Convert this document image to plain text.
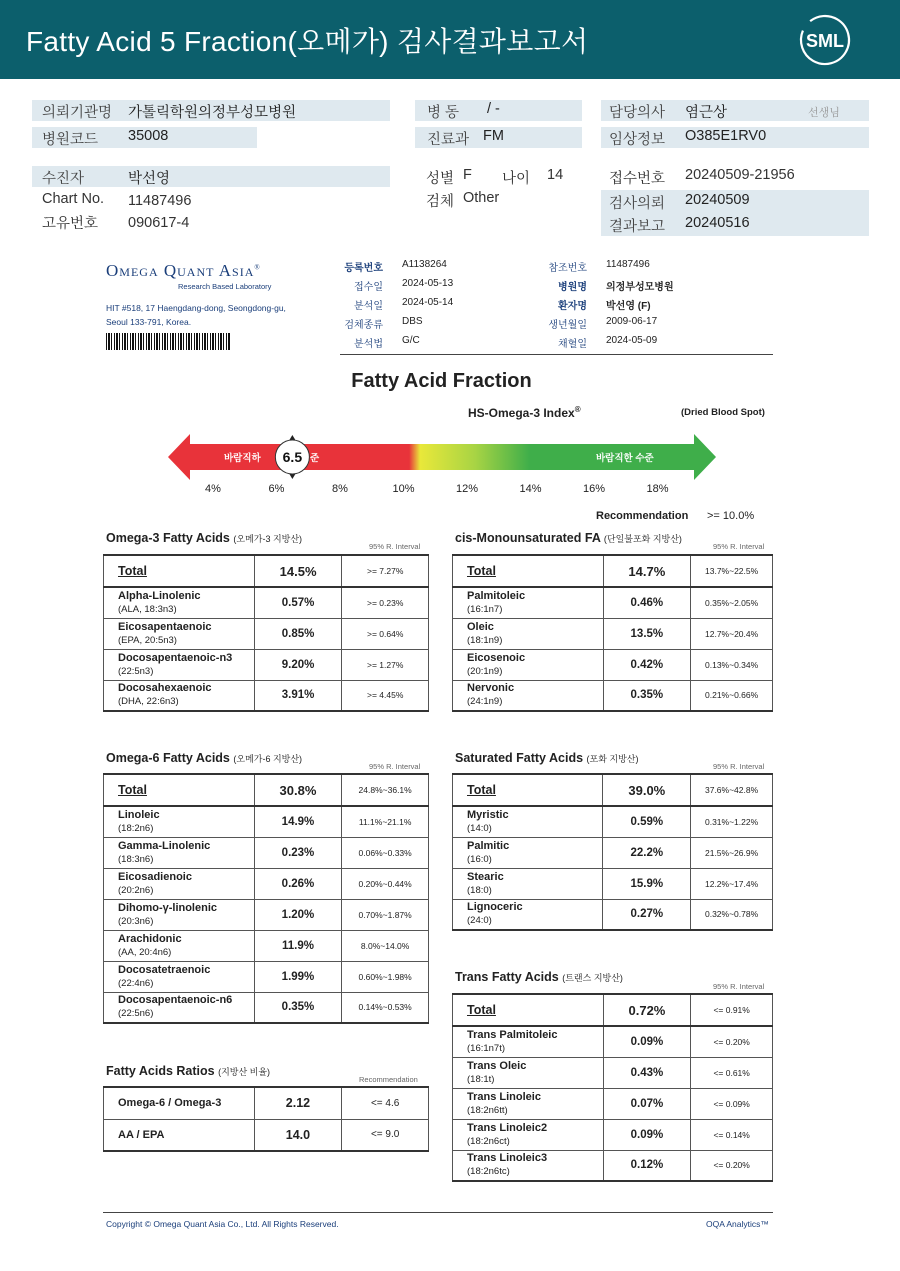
Fatty Acid 5 Fraction(오메가) 검사결과보고서	SML
의뢰기관명 가톨릭학원의정부성모병원
병원코드 35008
병 동 / -
진료과 FM
담당의사 염근상	선생님
임상정보 O385E1RV0
수진자	박선영
Chart No. 11487496
고유번호 090617-4
성별 F 나이 14
검체 Other
접수번호 20240509-21956
검사의뢰 20240509
결과보고 20240516
Omega Quant Asia®
Research Based Laboratory
HIT #518, 17 Haengdang-dong, Seongdong-gu,
Seoul 133-791, Korea.
등록번호 A1138264
접수일 2024-05-13
분석일 2024-05-14
검체종류 DBS
분석법 G/C
참조번호 11487496
병원명 의정부성모병원
환자명 박선영 (F)
생년월일 2009-06-17
채혈일 2024-05-09
Fatty Acid Fraction
HS-Omega-3 Index®	(Dried Blood Spot)
바람직하	준	바람직한 수준
6.5
4%	6%	8%	10%	12%	14%	16%	18%
Recommendation >= 10.0%
Omega-3 Fatty Acids (오메가-3 지방산)
95% R. Interval
Total	14.5%	>= 7.27%
Alpha-Linolenic
(ALA, 18:3n3)	0.57%	>= 0.23%
Eicosapentaenoic
(EPA, 20:5n3)	0.85%	>= 0.64%
Docosapentaenoic-n3
(22:5n3)	9.20%	>= 1.27%
Docosahexaenoic
(DHA, 22:6n3)	3.91%	>= 4.45%
cis-Monounsaturated FA (단일불포화 지방산)
95% R. Interval
Total	14.7%	13.7%~22.5%
Palmitoleic
(16:1n7)	0.46%	0.35%~2.05%
Oleic
(18:1n9)	13.5%	12.7%~20.4%
Eicosenoic
(20:1n9)	0.42%	0.13%~0.34%
Nervonic
(24:1n9)	0.35%	0.21%~0.66%
Omega-6 Fatty Acids (오메가-6 지방산)
95% R. Interval
Total	30.8%	24.8%~36.1%
Linoleic
(18:2n6)	14.9%	11.1%~21.1%
Gamma-Linolenic
(18:3n6)	0.23%	0.06%~0.33%
Eicosadienoic
(20:2n6)	0.26%	0.20%~0.44%
Dihomo-γ-linolenic
(20:3n6)	1.20%	0.70%~1.87%
Arachidonic
(AA, 20:4n6)	11.9%	8.0%~14.0%
Docosatetraenoic
(22:4n6)	1.99%	0.60%~1.98%
Docosapentaenoic-n6
(22:5n6)	0.35%	0.14%~0.53%
Saturated Fatty Acids (포화 지방산)
95% R. Interval
Total	39.0%	37.6%~42.8%
Myristic
(14:0)	0.59%	0.31%~1.22%
Palmitic
(16:0)	22.2%	21.5%~26.9%
Stearic
(18:0)	15.9%	12.2%~17.4%
Lignoceric
(24:0)	0.27%	0.32%~0.78%
Trans Fatty Acids (트랜스 지방산)
95% R. Interval
Total	0.72%	<= 0.91%
Trans Palmitoleic
(16:1n7t)	0.09%	<= 0.20%
Trans Oleic
(18:1t)	0.43%	<= 0.61%
Trans Linoleic
(18:2n6tt)	0.07%	<= 0.09%
Trans Linoleic2
(18:2n6ct)	0.09%	<= 0.14%
Trans Linoleic3
(18:2n6tc)	0.12%	<= 0.20%
Fatty Acids Ratios (지방산 비율)
Recommendation
Omega-6 / Omega-3	2.12	<= 4.6
AA / EPA	14.0	<= 9.0
Copyright © Omega Quant Asia Co., Ltd. All Rights Reserved.	OQA Analytics™
